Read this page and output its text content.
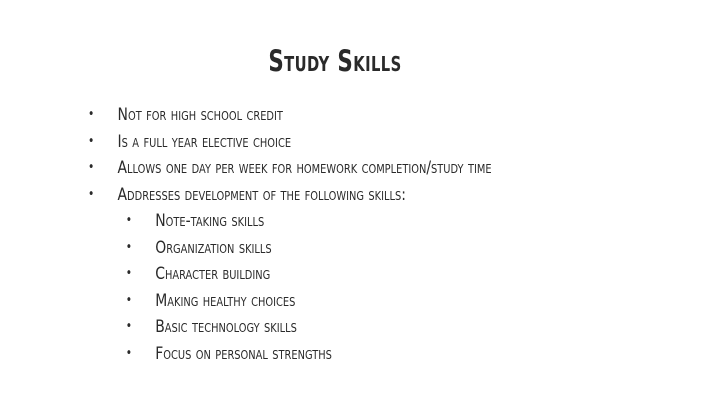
Study Skills
• Not for high school credit
• Is a full year elective choice
• Allows one day per week for homework completion/study time
• Addresses development of the following skills:
• Note-taking skills
• Organization skills
• Character building
• Making healthy choices
• Basic technology skills
• Focus on personal strengths
